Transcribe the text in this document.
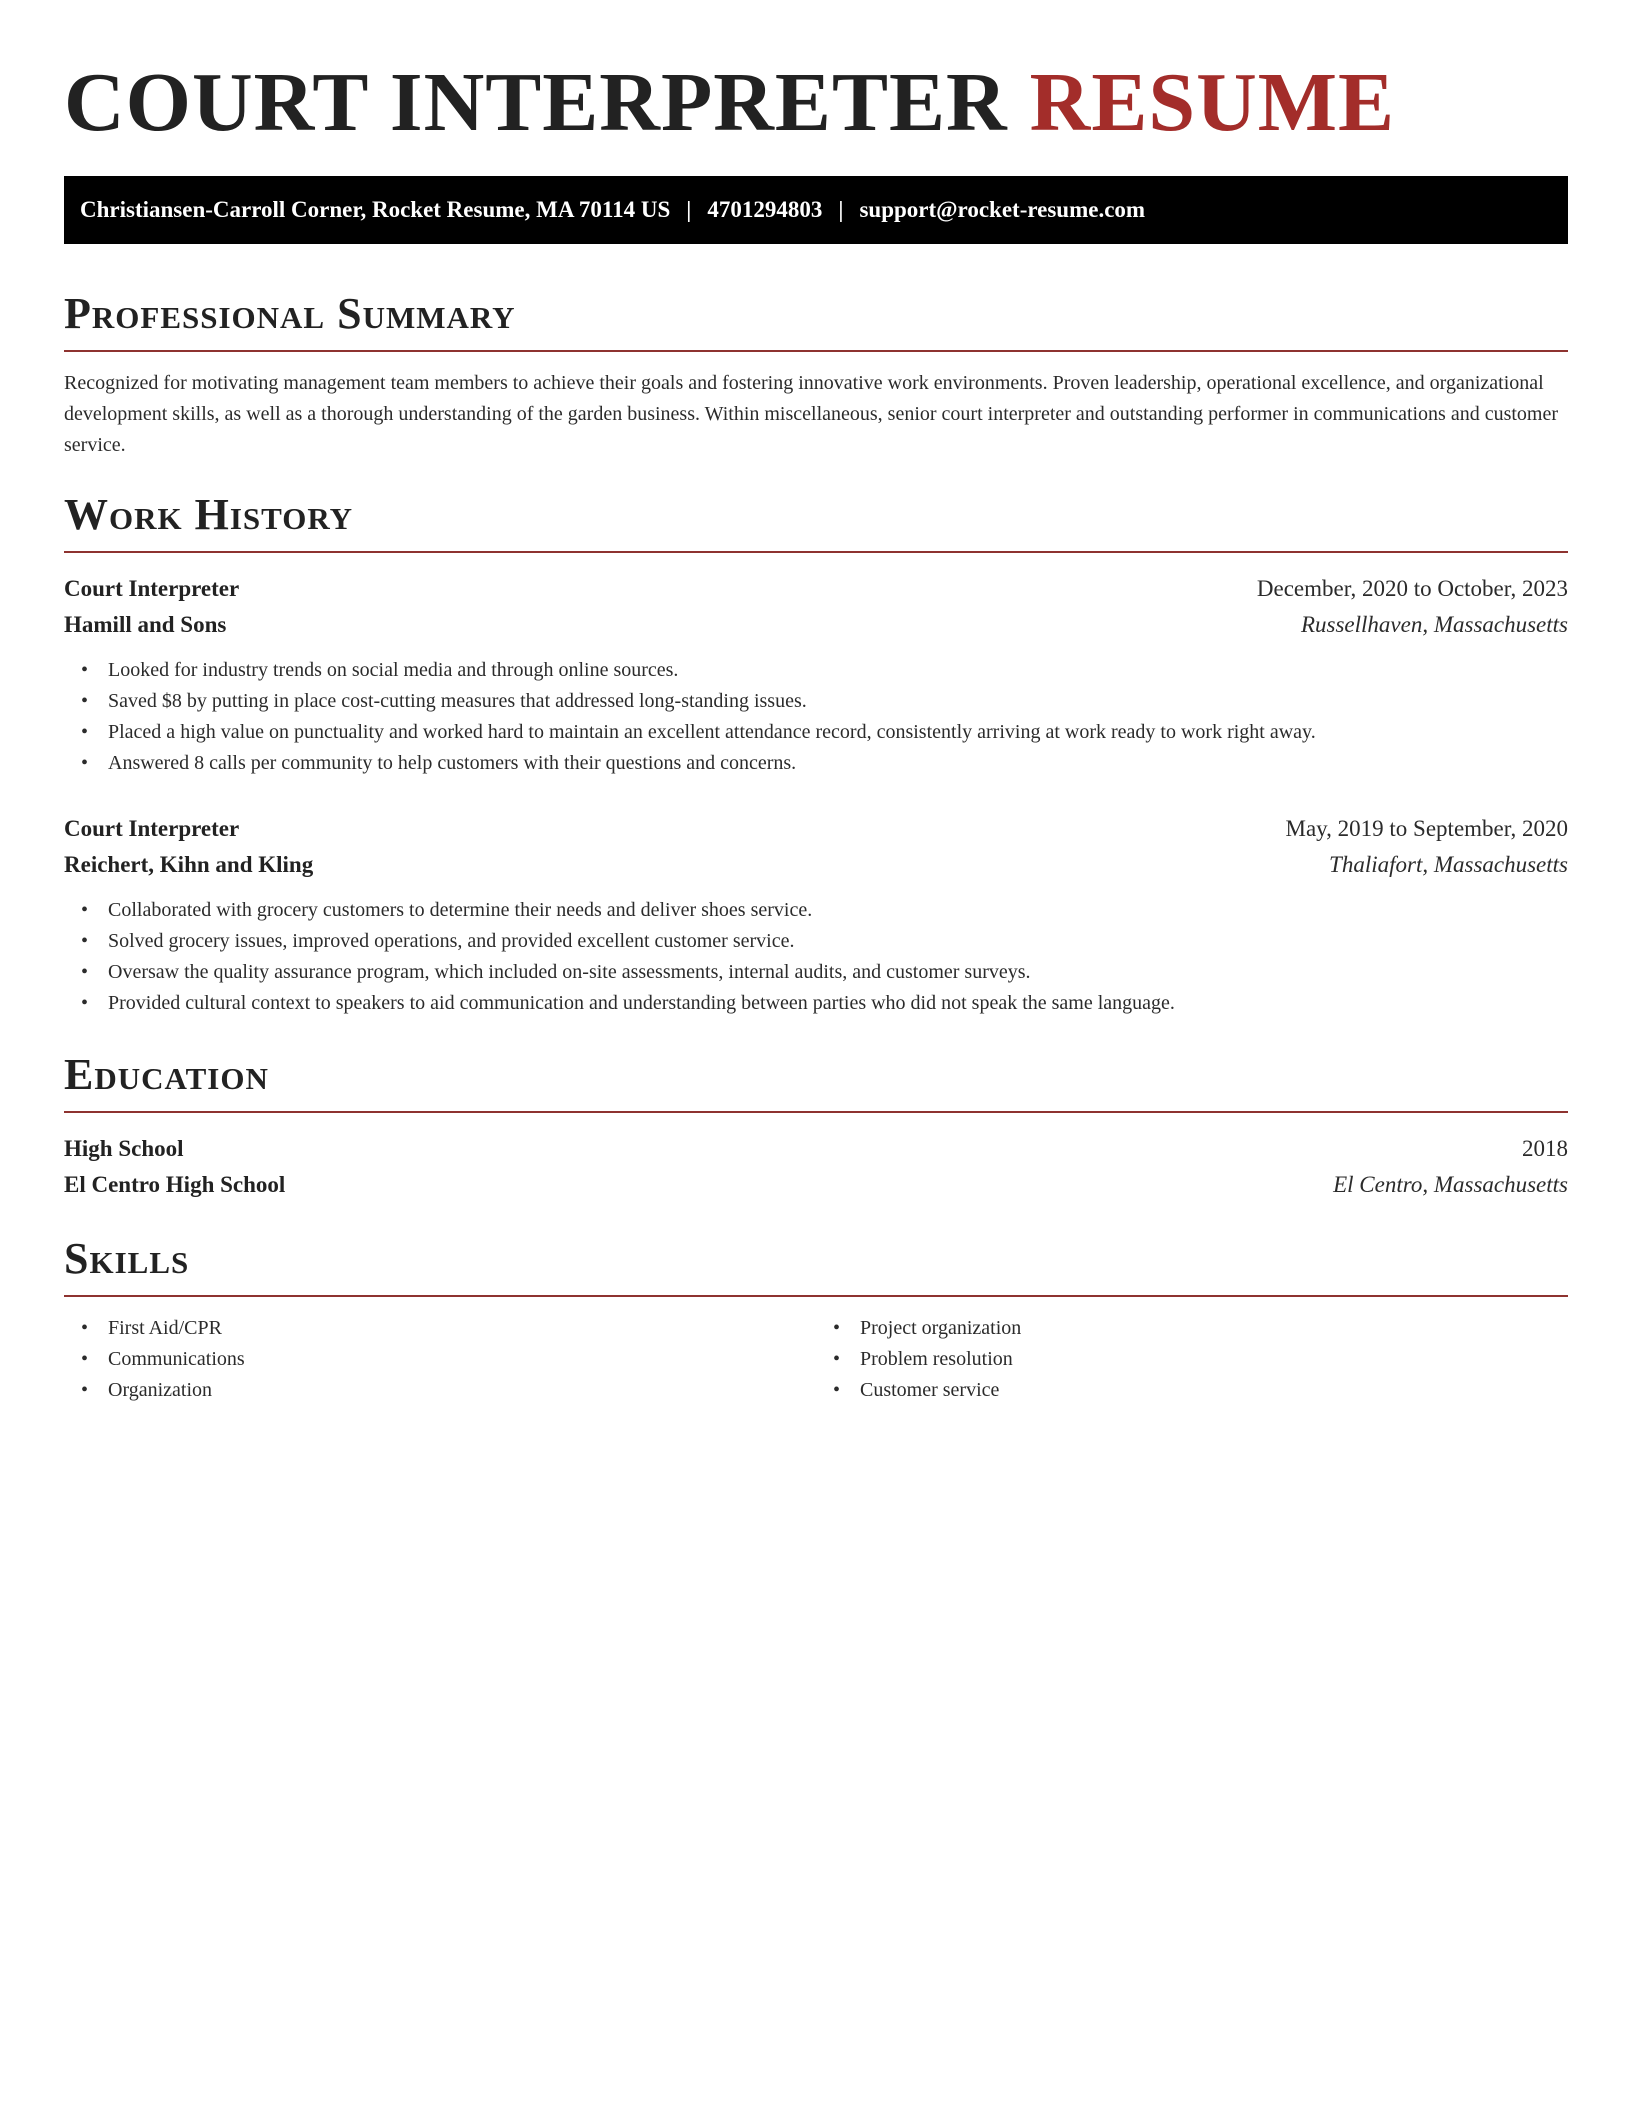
COURT INTERPRETER RESUME
Christiansen-Carroll Corner, Rocket Resume, MA 70114 US | 4701294803 | support@rocket-resume.com
Professional Summary

Recognized for motivating management team members to achieve their goals and fostering innovative work environments. Proven leadership, operational excellence, and organizational development skills, as well as a thorough understanding of the garden business. Within miscellaneous, senior court interpreter and outstanding performer in communications and customer service.

Work History
Court Interpreter	December, 2020 to October, 2023
Hamill and Sons	Russellhaven, Massachusetts
• Looked for industry trends on social media and through online sources.
• Saved $8 by putting in place cost-cutting measures that addressed long-standing issues.
• Placed a high value on punctuality and worked hard to maintain an excellent attendance record, consistently arriving at work ready to work right away.
• Answered 8 calls per community to help customers with their questions and concerns.
Court Interpreter	May, 2019 to September, 2020
Reichert, Kihn and Kling	Thaliafort, Massachusetts
• Collaborated with grocery customers to determine their needs and deliver shoes service.
• Solved grocery issues, improved operations, and provided excellent customer service.
• Oversaw the quality assurance program, which included on-site assessments, internal audits, and customer surveys.
• Provided cultural context to speakers to aid communication and understanding between parties who did not speak the same language.
Education
High School	2018
El Centro High School	El Centro, Massachusetts
Skills
• First Aid/CPR
• Communications
• Organization
• Project organization
• Problem resolution
• Customer service
